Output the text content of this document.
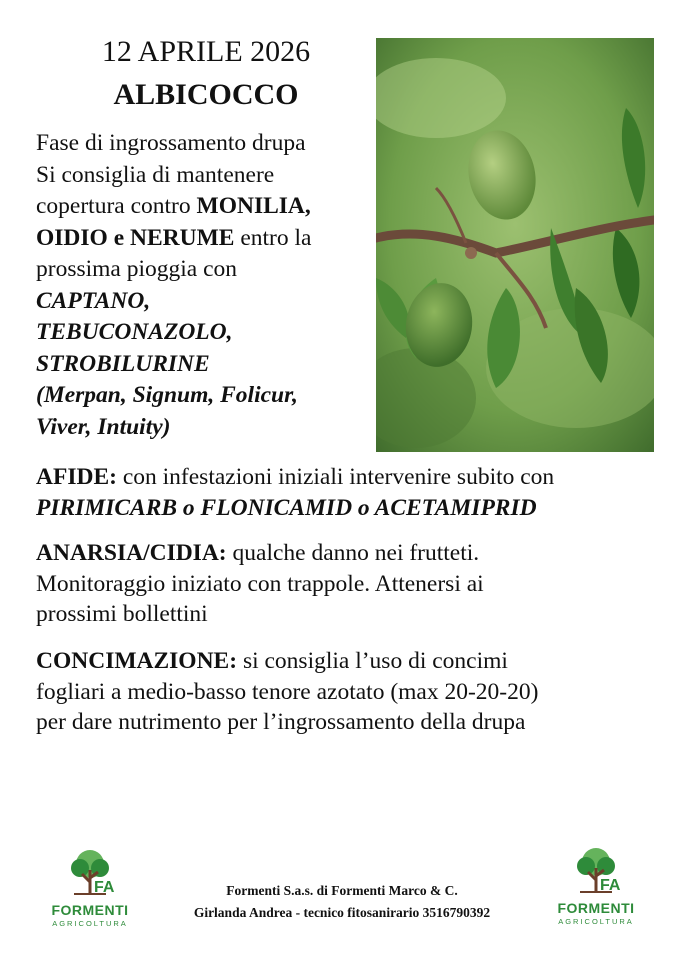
12 APRILE 2026
ALBICOCCO
Fase di ingrossamento drupa
Si consiglia di mantenere
copertura contro MONILIA,
OIDIO e NERUME entro la
prossima pioggia con
CAPTANO,
TEBUCONAZOLO,
STROBILURINE
(Merpan, Signum, Folicur,
Viver, Intuity)
AFIDE: con infestazioni iniziali intervenire subito con
PIRIMICARB o FLONICAMID o ACETAMIPRID
ANARSIA/CIDIA: qualche danno nei frutteti.
Monitoraggio iniziato con trappole. Attenersi ai
prossimi bollettini
CONCIMAZIONE: si consiglia l’uso di concimi
fogliari a medio-basso tenore azotato (max 20-20-20)
per dare nutrimento per l’ingrossamento della drupa
FA
FORMENTI
AGRICOLTURA
Formenti S.a.s. di Formenti Marco & C.
Girlanda Andrea - tecnico fitosanirario 3516790392
FA
FORMENTI
AGRICOLTURA
